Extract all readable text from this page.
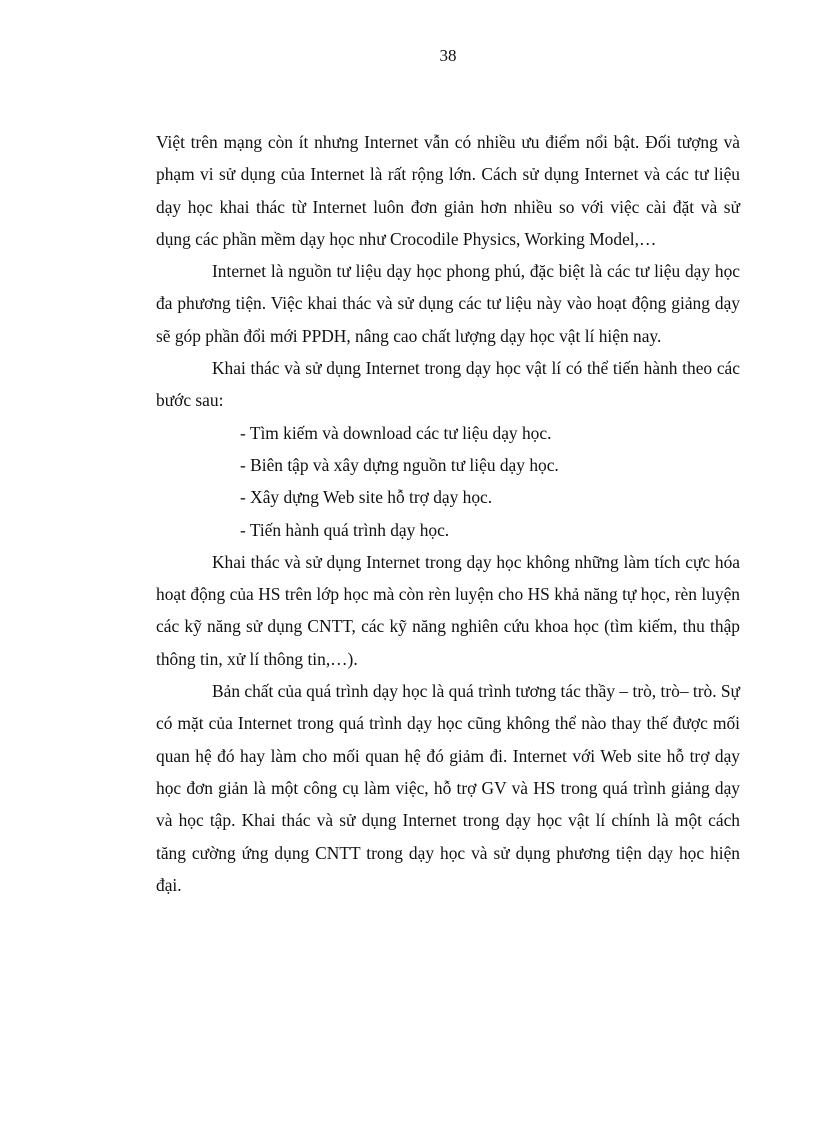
38

Việt trên mạng còn ít nhưng Internet vẫn có nhiều ưu điểm nổi bật. Đối tượng và phạm vi sử dụng của Internet là rất rộng lớn. Cách sử dụng Internet và các tư liệu dạy học khai thác từ Internet luôn đơn giản hơn nhiều so với việc cài đặt và sử dụng các phần mềm dạy học như Crocodile Physics, Working Model,…

Internet là nguồn tư liệu dạy học phong phú, đặc biệt là các tư liệu dạy học đa phương tiện. Việc khai thác và sử dụng các tư liệu này vào hoạt động giảng dạy sẽ góp phần đổi mới PPDH, nâng cao chất lượng dạy học vật lí hiện nay.

Khai thác và sử dụng Internet trong dạy học vật lí có thể tiến hành theo các bước sau:

- Tìm kiếm và download các tư liệu dạy học.
- Biên tập và xây dựng nguồn tư liệu dạy học.
- Xây dựng Web site hỗ trợ dạy học.
- Tiến hành quá trình dạy học.

Khai thác và sử dụng Internet trong dạy học không những làm tích cực hóa hoạt động của HS trên lớp học mà còn rèn luyện cho HS khả năng tự học, rèn luyện các kỹ năng sử dụng CNTT, các kỹ năng nghiên cứu khoa học (tìm kiếm, thu thập thông tin, xử lí thông tin,…).

Bản chất của quá trình dạy học là quá trình tương tác thầy – trò, trò– trò. Sự có mặt của Internet trong quá trình dạy học cũng không thể nào thay thế được mối quan hệ đó hay làm cho mối quan hệ đó giảm đi. Internet với Web site hỗ trợ dạy học đơn giản là một công cụ làm việc, hỗ trợ GV và HS trong quá trình giảng dạy và học tập. Khai thác và sử dụng Internet trong dạy học vật lí chính là một cách tăng cường ứng dụng CNTT trong dạy học và sử dụng phương tiện dạy học hiện đại.
